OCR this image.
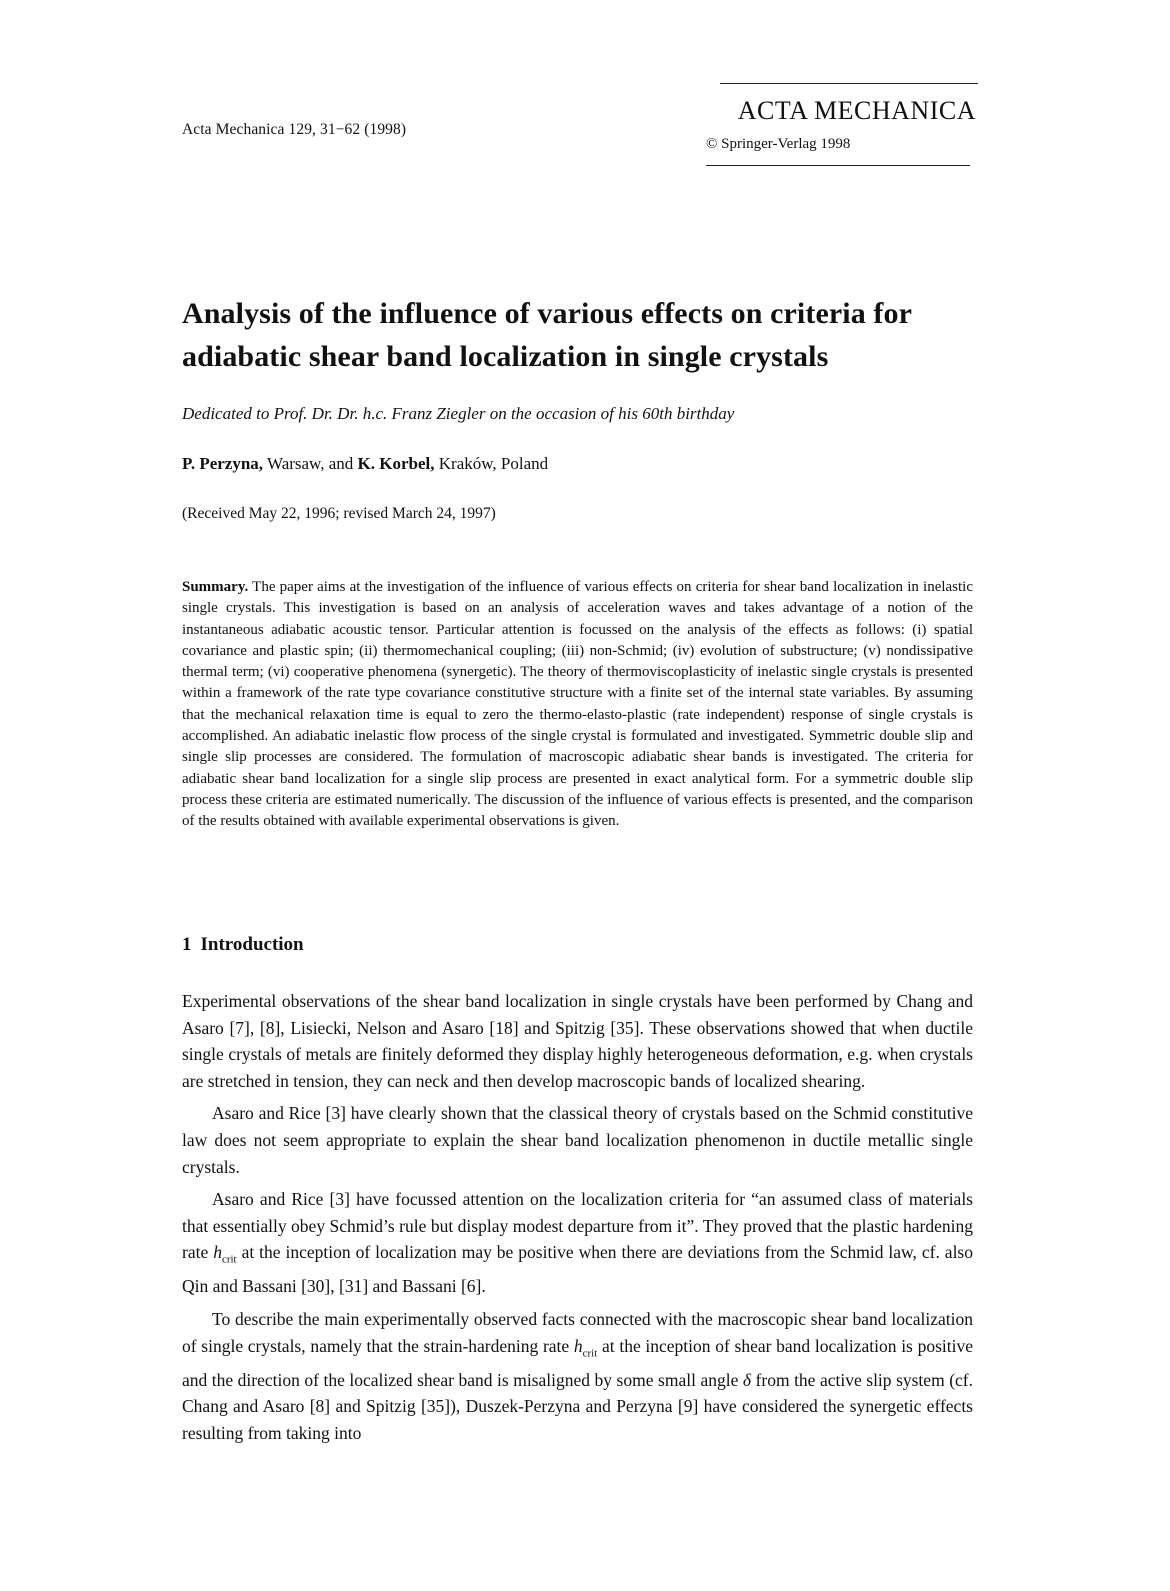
Acta Mechanica 129, 31−62 (1998)
ACTA MECHANICA
© Springer-Verlag 1998
Analysis of the influence of various effects on criteria for adiabatic shear band localization in single crystals
Dedicated to Prof. Dr. Dr. h.c. Franz Ziegler on the occasion of his 60th birthday
P. Perzyna, Warsaw, and K. Korbel, Kraków, Poland
(Received May 22, 1996; revised March 24, 1997)
Summary. The paper aims at the investigation of the influence of various effects on criteria for shear band localization in inelastic single crystals. This investigation is based on an analysis of acceleration waves and takes advantage of a notion of the instantaneous adiabatic acoustic tensor. Particular attention is focussed on the analysis of the effects as follows: (i) spatial covariance and plastic spin; (ii) thermomechanical coupling; (iii) non-Schmid; (iv) evolution of substructure; (v) nondissipative thermal term; (vi) cooperative phenomena (synergetic). The theory of thermoviscoplasticity of inelastic single crystals is presented within a framework of the rate type covariance constitutive structure with a finite set of the internal state variables. By assuming that the mechanical relaxation time is equal to zero the thermo-elasto-plastic (rate independent) response of single crystals is accomplished. An adiabatic inelastic flow process of the single crystal is formulated and investigated. Symmetric double slip and single slip processes are considered. The formulation of macroscopic adiabatic shear bands is investigated. The criteria for adiabatic shear band localization for a single slip process are presented in exact analytical form. For a symmetric double slip process these criteria are estimated numerically. The discussion of the influence of various effects is presented, and the comparison of the results obtained with available experimental observations is given.
1 Introduction

Experimental observations of the shear band localization in single crystals have been performed by Chang and Asaro [7], [8], Lisiecki, Nelson and Asaro [18] and Spitzig [35]. These observations showed that when ductile single crystals of metals are finitely deformed they display highly heterogeneous deformation, e.g. when crystals are stretched in tension, they can neck and then develop macroscopic bands of localized shearing.

Asaro and Rice [3] have clearly shown that the classical theory of crystals based on the Schmid constitutive law does not seem appropriate to explain the shear band localization phenomenon in ductile metallic single crystals.

Asaro and Rice [3] have focussed attention on the localization criteria for “an assumed class of materials that essentially obey Schmid’s rule but display modest departure from it”. They proved that the plastic hardening rate $h_{crit}$ at the inception of localization may be positive when there are deviations from the Schmid law, cf. also Qin and Bassani [30], [31] and Bassani [6].

To describe the main experimentally observed facts connected with the macroscopic shear band localization of single crystals, namely that the strain-hardening rate $h_{crit}$ at the inception of shear band localization is positive and the direction of the localized shear band is misaligned by some small angle δ from the active slip system (cf. Chang and Asaro [8] and Spitzig [35]), Duszek-Perzyna and Perzyna [9] have considered the synergetic effects resulting from taking into
